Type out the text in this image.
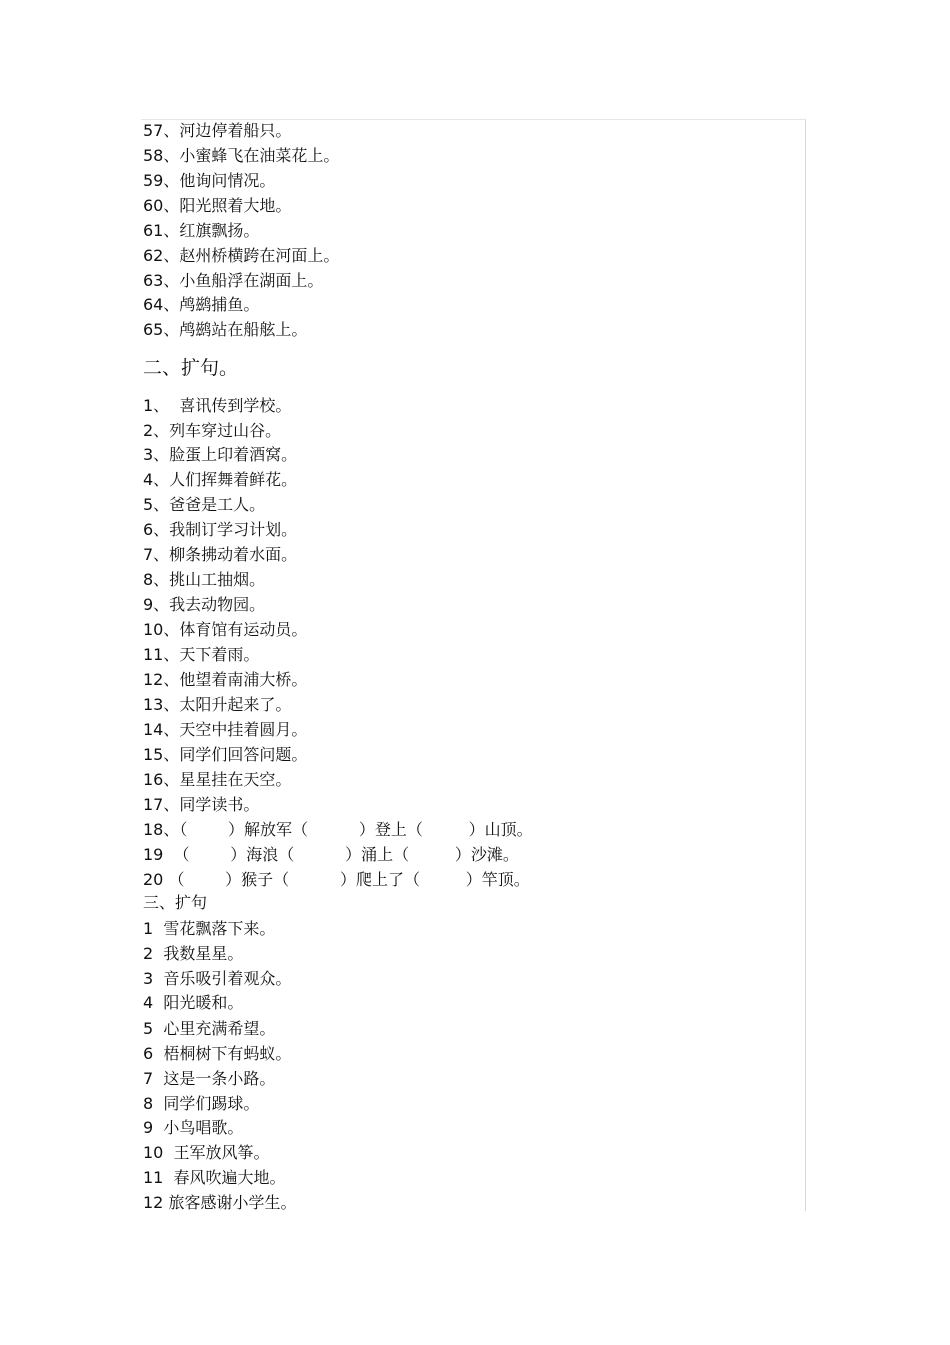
57、河边停着船只。
58、小蜜蜂飞在油菜花上。
59、他询问情况。
60、阳光照着大地。
61、红旗飘扬。
62、赵州桥横跨在河面上。
63、小鱼船浮在湖面上。
64、鸬鹚捕鱼。
65、鸬鹚站在船舷上。
二、扩句。
1、  喜讯传到学校。
2、列车穿过山谷。
3、脸蛋上印着酒窝。
4、人们挥舞着鲜花。
5、爸爸是工人。
6、我制订学习计划。
7、柳条拂动着水面。
8、挑山工抽烟。
9、我去动物园。
10、体育馆有运动员。
11、天下着雨。
12、他望着南浦大桥。
13、太阳升起来了。
14、天空中挂着圆月。
15、同学们回答问题。
16、星星挂在天空。
17、同学读书。
18、（        ）解放军（          ）登上（         ）山顶。
19  （        ）海浪（          ）涌上（         ）沙滩。
20 （        ）猴子（          ）爬上了（         ）竿顶。
三、扩句
1  雪花飘落下来。
2  我数星星。
3  音乐吸引着观众。
4  阳光暖和。
5  心里充满希望。
6  梧桐树下有蚂蚁。
7  这是一条小路。
8  同学们踢球。
9  小鸟唱歌。
10  王军放风筝。
11  春风吹遍大地。
12 旅客感谢小学生。
